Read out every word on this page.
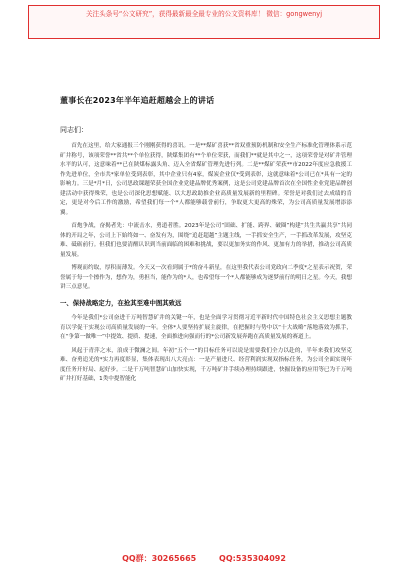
关注头条号“公文研究”，获得最新最全最专业的公文资料库！ 微信：gongwenyj
董事长在2023年半年追赶超越会上的讲话
同志们：

首先在这里，给大家通报三个刚刚获得的喜讯。一是**煤矿喜获**省双重预防机制和安全生产标准化管理体系示范矿井称号，该项荣誉**省共**个单位获得，陕煤集团有**个单位荣获，而我们**就是其中之一，这项荣誉是对矿井管理水平的认可，这意味着**已在陕煤标露头角、迈入全省煤矿管理先进行列。二是**煤矿荣获**市2022年度应急救援工作先进单位，全市共*家单位受到表彰，其中企业只有4家，煤炭企业仅*受到表彰，这就意味着*公司已在*具有一定的影响力。三是*月*日，公司思政课题荣获全国企业党建品牌优秀案例，这是公司党建品牌首次在全国性企业党建品牌创建活动中获得殊荣，也是公司深化思想赋能、以大思政助推企业高质量发展新的里程碑。荣誉是对我们过去成绩的肯定，更是对今后工作的激励，希望我们每一个*人都能够载誉前行，争取更大更高的殊荣，为公司高质量发展增添添翼。

首炮争战，奋揭者先：中流击水，勇道者胜。2023年是公司“固础、扩能、跨界、破圈”构建“共生共赢共享”共同体的开局之年，公司上下始终如一、奋发有为，围绕“追赶超越”主题主线，一手抓安全生产，一手抓改革发展，攻坚克难、砥砺前行。但我们也要清醒认识到当前面临的困难和挑战，要以更加务实的作风、更加有力的举措，推动公司高质量发展。

博观而约取，厚积而薄发。今天又一次看到属于*的奋斗新星，在这里我代表公司党政向二季度*之星表示祝贺，荣誉属于每一个擦作为，想作为，勇担当，能作为的*人，也希望每一个*人都能够成为逐梦前行的明日之星。今天，我想讲三点意见。

一、保持战略定力，在抢其至难中图其致远

今年是我们*公司奋进千万吨智慧矿井的关键一年，也是全面学习贯彻习近平新时代中国特色社会主义思想主题教育以学促干实现公司高质量发展的一年。全体*人要坚持扩展主旋律，在把握时与势中以“十大战略”落地落效为抓手，在“争第一做唯一”中提效、提质、提速，全面推进向强而行的*公司新发展奔跑在高质量发展的赛道上。

风起于青萍之末，浪成于微澜之间。年初“五个一”的目标任务可以说是需要我们全力以赴的，半年来我们攻坚克难、奋勇追光的*实力再度彰显，集体表现出八大亮点：一是产量进尺、经营利润实现双指标任务，为公司全面实现年度任务开好局、起好步。二是千万吨智慧矿山加快实现，千万吨矿井手续办理持续跟进，快掘设备的应用等已为千万吨矿井打好基础，1类中提智能化

QQ群：30265665	QQ:535304092
